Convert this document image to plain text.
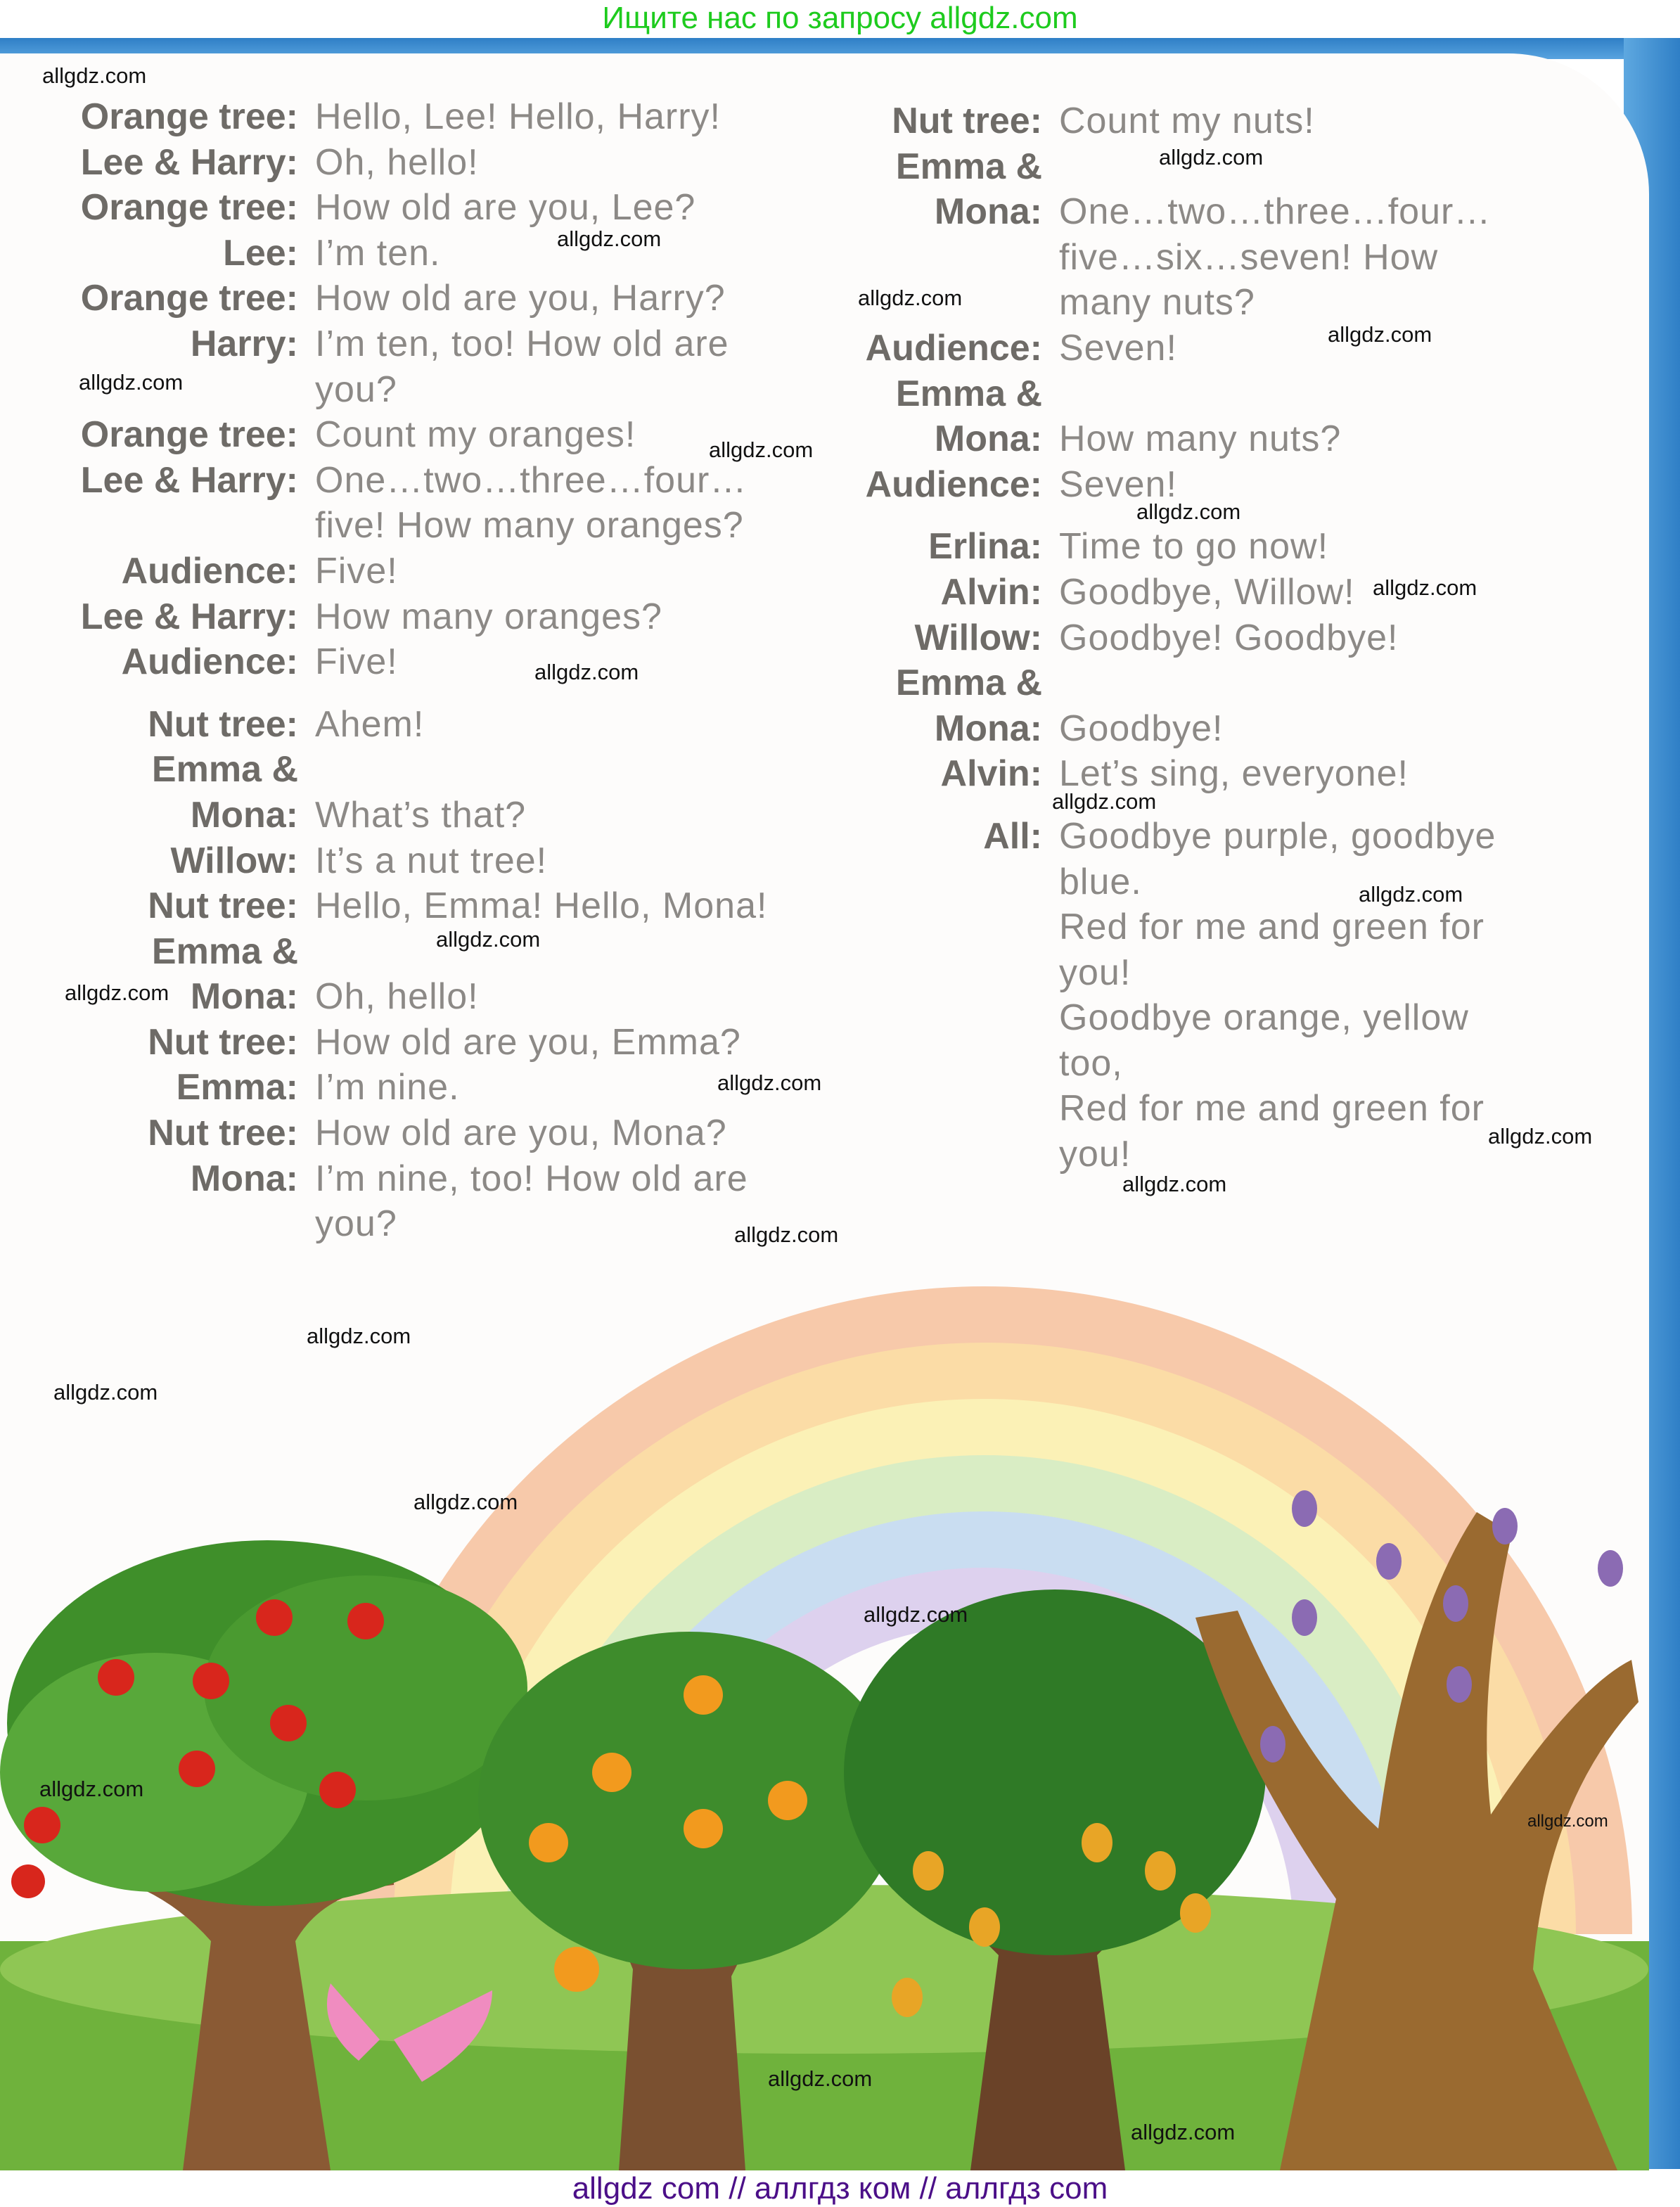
Ищите нас по запросу allgdz.com
Orange tree: Hello, Lee! Hello, Harry!
Lee & Harry: Oh, hello!
Orange tree: How old are you, Lee?
Lee: I’m ten.
Orange tree: How old are you, Harry?
Harry: I’m ten, too! How old are
you?
Orange tree: Count my oranges!
Lee & Harry: One…two…three…four…
five! How many oranges?
Audience: Five!
Lee & Harry: How many oranges?
Audience: Five!
Nut tree: Ahem!
Emma &
Mona: What’s that?
Willow: It’s a nut tree!
Nut tree: Hello, Emma! Hello, Mona!
Emma &
Mona: Oh, hello!
Nut tree: How old are you, Emma?
Emma: I’m nine.
Nut tree: How old are you, Mona?
Mona: I’m nine, too! How old are
you?
Nut tree: Count my nuts!
Emma &
Mona: One…two…three…four…
five…six…seven! How
many nuts?
Audience: Seven!
Emma &
Mona: How many nuts?
Audience: Seven!
Erlina: Time to go now!
Alvin: Goodbye, Willow!
Willow: Goodbye! Goodbye!
Emma &
Mona: Goodbye!
Alvin: Let’s sing, everyone!
All: Goodbye purple, goodbye
blue.
Red for me and green for
you!
Goodbye orange, yellow
too,
Red for me and green for
you!
allgdz.com
allgdz.com
allgdz.com
allgdz.com
allgdz.com
allgdz.com
allgdz.com
allgdz.com
allgdz.com
allgdz.com
allgdz.com
allgdz.com
allgdz.com
allgdz.com
allgdz.com
allgdz.com
allgdz.com
allgdz.com
allgdz.com
allgdz.com
allgdz.com
allgdz.com
allgdz.com
allgdz.com
allgdz.com
allgdz.com
allgdz com // аллгдз ком // аллгдз com
